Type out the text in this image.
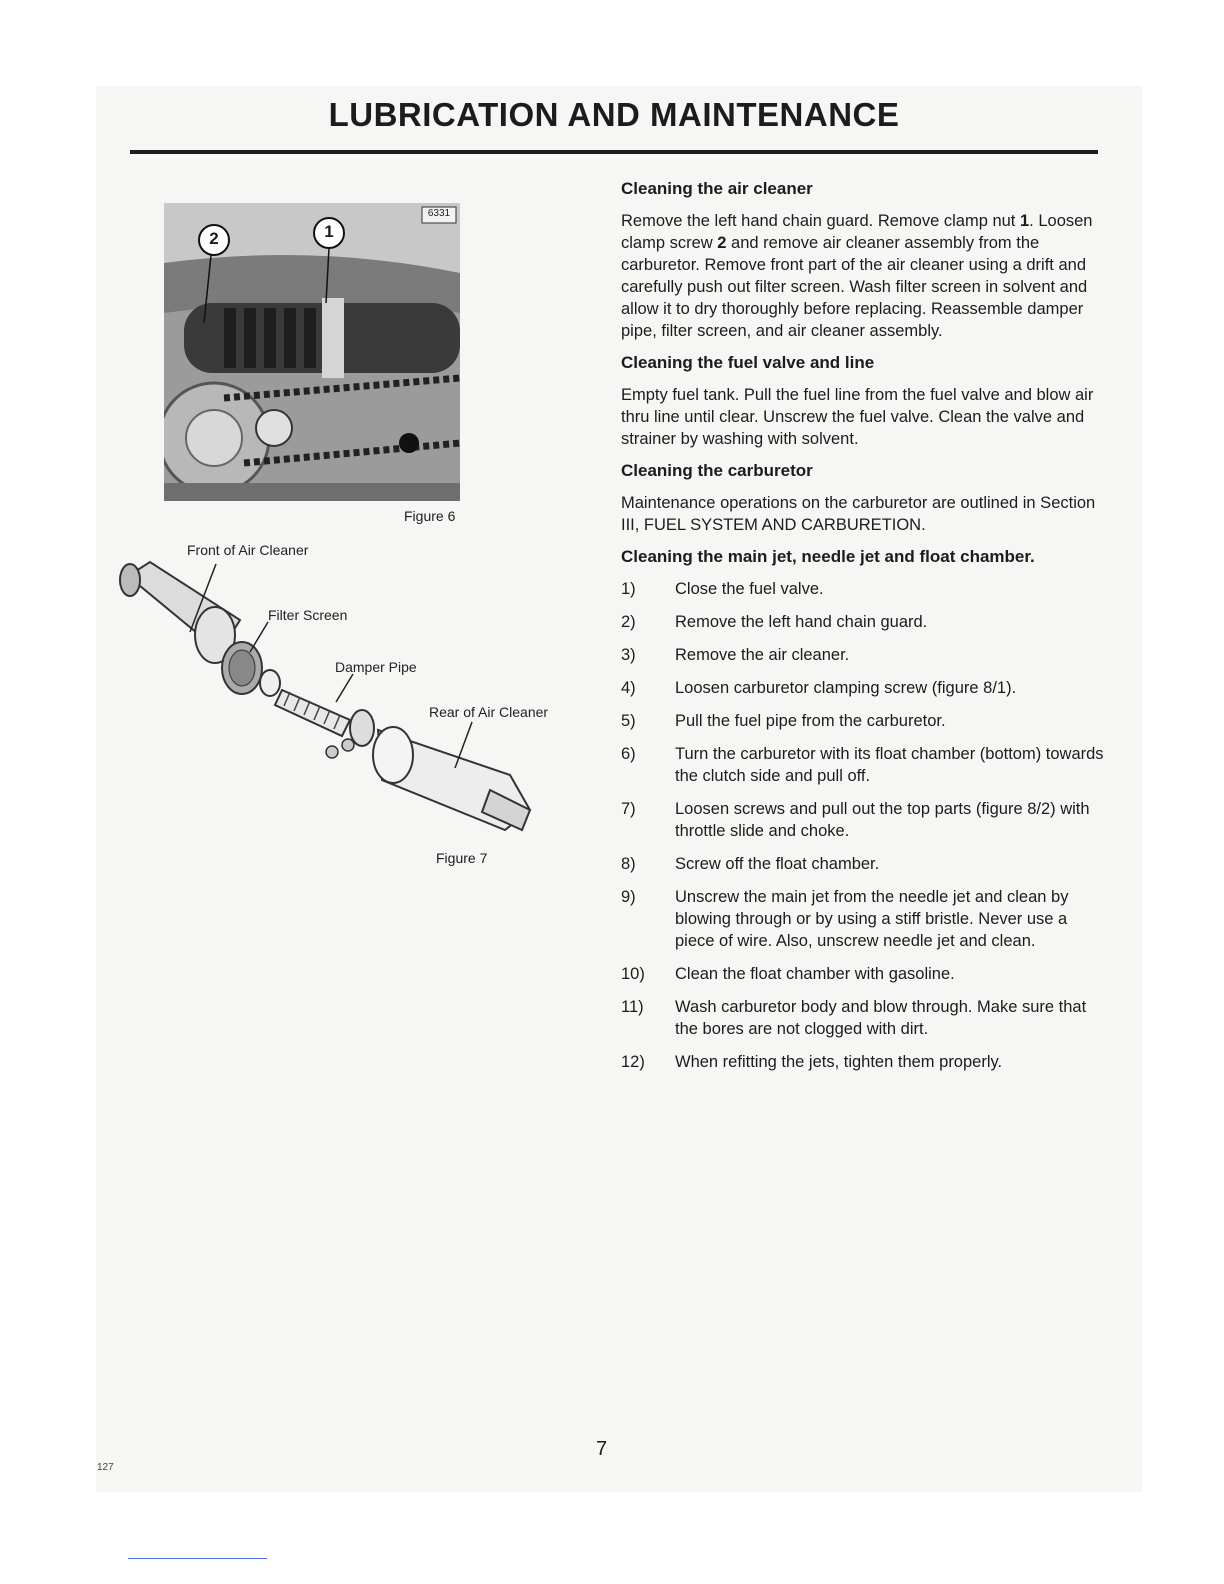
LUBRICATION AND MAINTENANCE
2	1
6331
Figure 6
Front of Air Cleaner
Filter Screen
Damper Pipe
Rear of Air Cleaner
Figure 7
Cleaning the air cleaner

Remove the left hand chain guard. Remove clamp nut 1. Loosen clamp screw 2 and remove air cleaner assembly from the carburetor. Remove front part of the air cleaner using a drift and carefully push out filter screen. Wash filter screen in solvent and allow it to dry thoroughly before replacing. Reassemble damper pipe, filter screen, and air cleaner assembly.

Cleaning the fuel valve and line

Empty fuel tank. Pull the fuel line from the fuel valve and blow air thru line until clear. Unscrew the fuel valve. Clean the valve and strainer by washing with solvent.

Cleaning the carburetor

Maintenance operations on the carburetor are outlined in Section III, FUEL SYSTEM AND CARBURETION.

Cleaning the main jet, needle jet and float chamber.
1)	Close the fuel valve.
2)	Remove the left hand chain guard.
3)	Remove the air cleaner.
4)	Loosen carburetor clamping screw (figure 8/1).
5)	Pull the fuel pipe from the carburetor.
6)	Turn the carburetor with its float chamber (bottom) towards the clutch side and pull off.
7)	Loosen screws and pull out the top parts (figure 8/2) with throttle slide and choke.
8)	Screw off the float chamber.
9)	Unscrew the main jet from the needle jet and clean by blowing through or by using a stiff bristle. Never use a piece of wire. Also, unscrew needle jet and clean.
10)	Clean the float chamber with gasoline.
11)	Wash carburetor body and blow through. Make sure that the bores are not clogged with dirt.
12)	When refitting the jets, tighten them properly.
7
127
